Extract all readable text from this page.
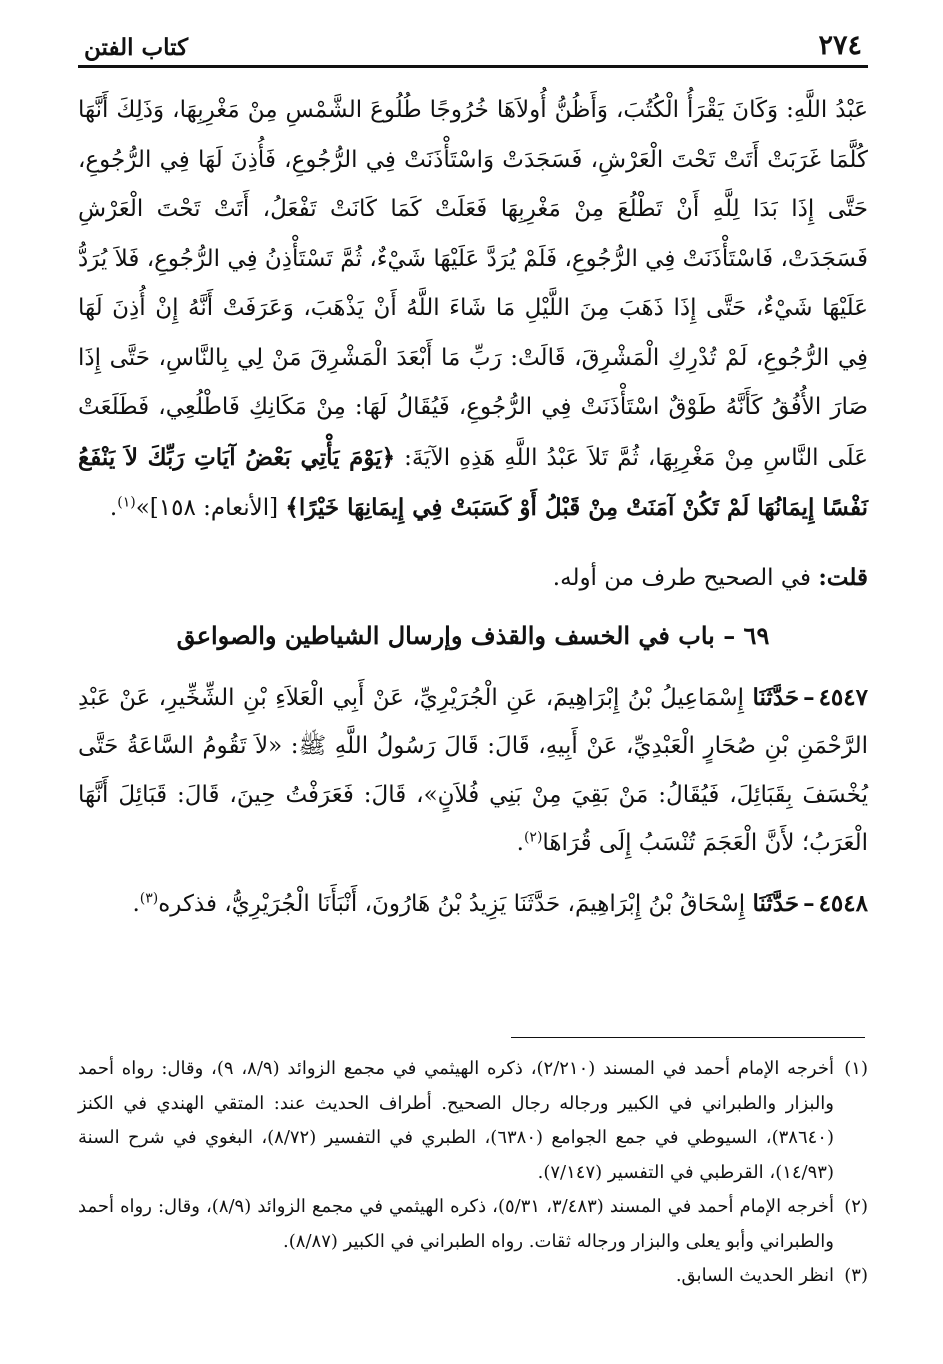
٢٧٤
كتاب الفتن

عَبْدُ اللَّهِ: وَكَانَ يَقْرَأُ الْكُتُبَ، وَأَظُنُّ أُولاَهَا خُرُوجًا طُلُوعَ الشَّمْسِ مِنْ مَغْرِبِهَا، وَذَلِكَ أَنَّهَا كُلَّمَا غَرَبَتْ أَتَتْ تَحْتَ الْعَرْشِ، فَسَجَدَتْ وَاسْتَأْذَنَتْ فِي الرُّجُوعِ، فَأُذِنَ لَهَا فِي الرُّجُوعِ، حَتَّى إِذَا بَدَا لِلَّهِ أَنْ تَطْلُعَ مِنْ مَغْرِبِهَا فَعَلَتْ كَمَا كَانَتْ تَفْعَلُ، أَتَتْ تَحْتَ الْعَرْشِ فَسَجَدَتْ، فَاسْتَأْذَنَتْ فِي الرُّجُوعِ، فَلَمْ يُرَدَّ عَلَيْهَا شَيْءٌ، ثُمَّ تَسْتَأْذِنُ فِي الرُّجُوعِ، فَلاَ يُرَدُّ عَلَيْهَا شَيْءٌ، حَتَّى إِذَا ذَهَبَ مِنَ اللَّيْلِ مَا شَاءَ اللَّهُ أَنْ يَذْهَبَ، وَعَرَفَتْ أَنَّهُ إِنْ أُذِنَ لَهَا فِي الرُّجُوعِ، لَمْ تُدْرِكِ الْمَشْرِقَ، قَالَتْ: رَبِّ مَا أَبْعَدَ الْمَشْرِقَ مَنْ لِي بِالنَّاسِ، حَتَّى إِذَا صَارَ الأُفُقُ كَأَنَّهُ طَوْقٌ اسْتَأْذَنَتْ فِي الرُّجُوعِ، فَيُقَالُ لَهَا: مِنْ مَكَانِكِ فَاطْلُعِي، فَطَلَعَتْ عَلَى النَّاسِ مِنْ مَغْرِبِهَا، ثُمَّ تَلاَ عَبْدُ اللَّهِ هَذِهِ الآيَةَ: ﴿يَوْمَ يَأْتِي بَعْضُ آيَاتِ رَبِّكَ لاَ يَنْفَعُ نَفْسًا إِيمَانُهَا لَمْ تَكُنْ آمَنَتْ مِنْ قَبْلُ أَوْ كَسَبَتْ فِي إِيمَانِهَا خَيْرًا﴾ [الأنعام: ١٥٨]»$^{(١)}$.

قلت: في الصحيح طرف من أوله.
٦٩ – باب في الخسف والقذف وإرسال الشياطين والصواعق

٤٥٤٧–حَدَّثَنَا إِسْمَاعِيلُ بْنُ إِبْرَاهِيمَ، عَنِ الْجُرَيْرِيِّ، عَنْ أَبِي الْعَلاَءِ بْنِ الشِّخِّيرِ، عَنْ عَبْدِ الرَّحْمَنِ بْنِ صُحَارٍ الْعَبْدِيِّ، عَنْ أَبِيهِ، قَالَ: قَالَ رَسُولُ اللَّهِ ﷺ: «لاَ تَقُومُ السَّاعَةُ حَتَّى يُخْسَفَ بِقَبَائِلَ، فَيُقَالُ: مَنْ بَقِيَ مِنْ بَنِي فُلاَنٍ»، قَالَ: فَعَرَفْتُ حِينَ، قَالَ: قَبَائِلَ أَنَّهَا الْعَرَبُ؛ لأَنَّ الْعَجَمَ تُنْسَبُ إِلَى قُرَاهَا$^{(٢)}$.

٤٥٤٨–حَدَّثَنَا إِسْحَاقُ بْنُ إِبْرَاهِيمَ، حَدَّثَنَا يَزِيدُ بْنُ هَارُونَ، أَنْبَأَنَا الْجُرَيْرِيُّ، فذكره$^{(٣)}$.

(١)أخرجه الإمام أحمد في المسند (٢/٢١٠)، ذكره الهيثمي في مجمع الزوائد (٨/٩، ٩)، وقال: رواه أحمد والبزار والطبراني في الكبير ورجاله رجال الصحيح. أطراف الحديث عند: المتقي الهندي في الكنز (٣٨٦٤٠)، السيوطي في جمع الجوامع (٦٣٨٠)، الطبري في التفسير (٨/٧٢)، البغوي في شرح السنة (١٤/٩٣)، القرطبي في التفسير (٧/١٤٧).

(٢)أخرجه الإمام أحمد في المسند (٣/٤٨٣، ٥/٣١)، ذكره الهيثمي في مجمع الزوائد (٨/٩)، وقال: رواه أحمد والطبراني وأبو يعلى والبزار ورجاله ثقات. رواه الطبراني في الكبير (٨/٨٧).

(٣)انظر الحديث السابق.
